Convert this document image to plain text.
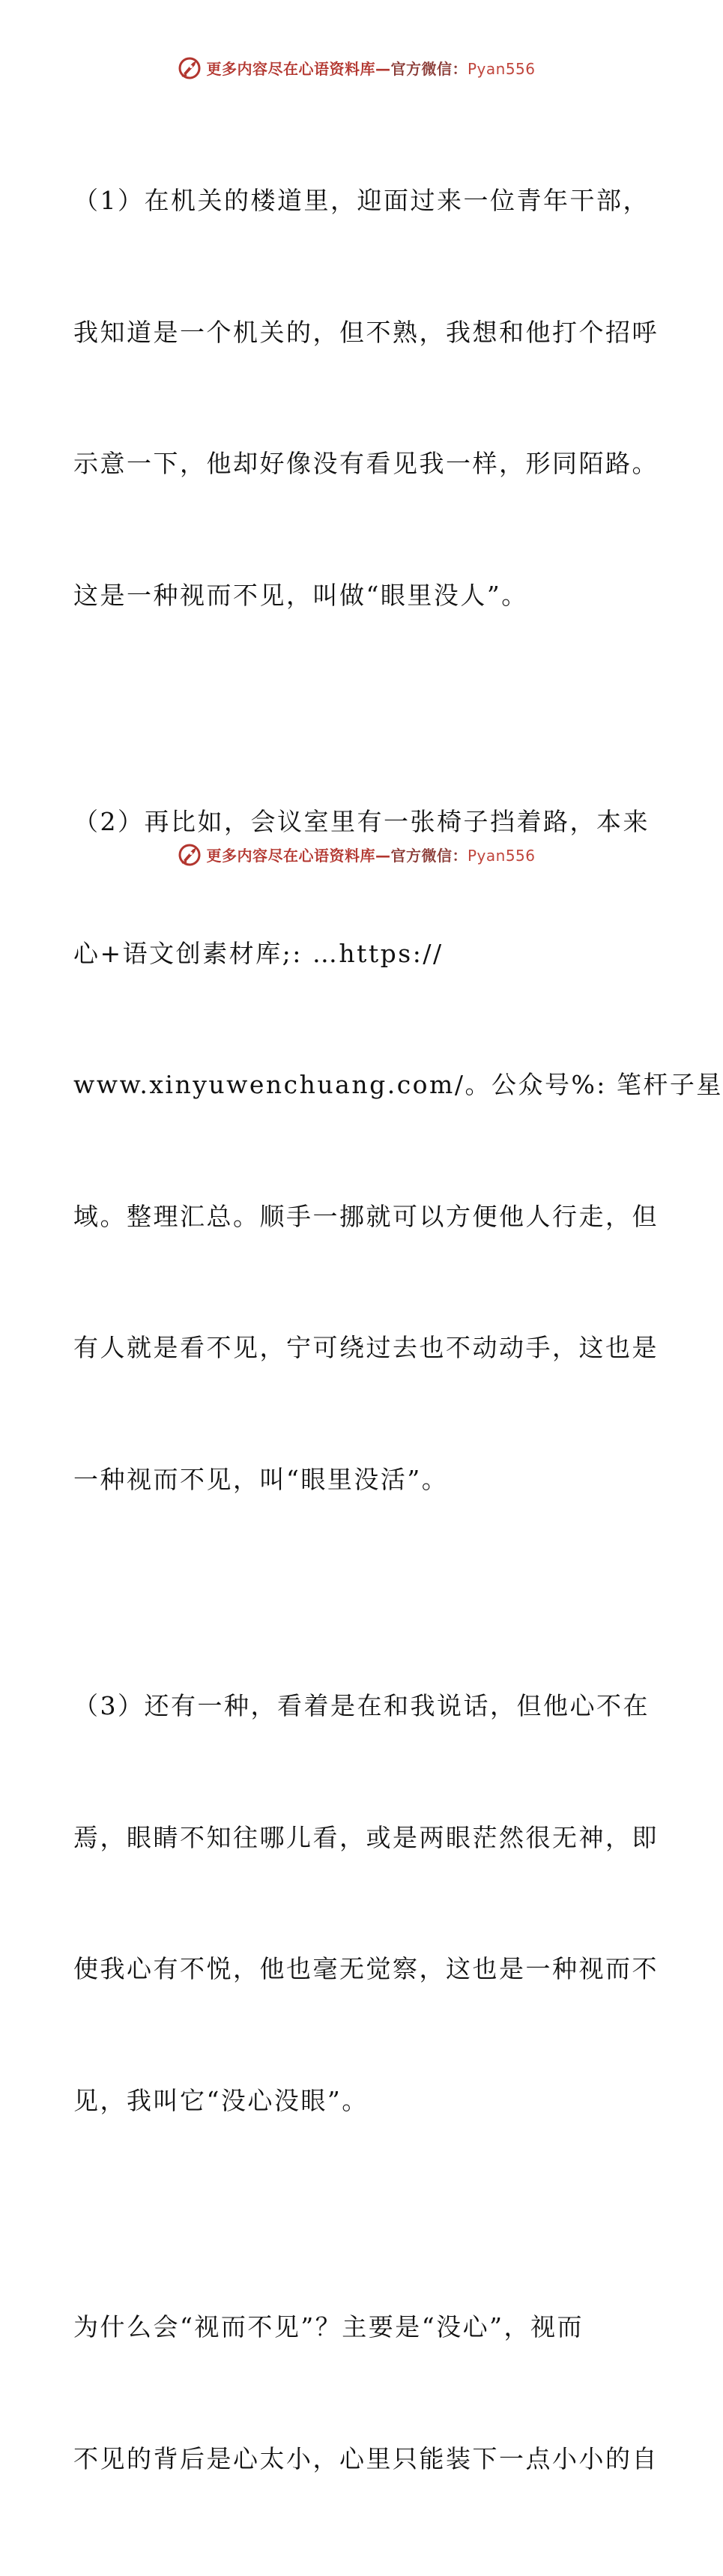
更多内容尽在心语资料库—官方微信：Pyan556

（1）在机关的楼道里，迎面过来一位青年干部，

我知道是一个机关的，但不熟，我想和他打个招呼

示意一下，他却好像没有看见我一样，形同陌路。

这是一种视而不见，叫做“眼里没人”。

（2）再比如，会议室里有一张椅子挡着路，本来

心+语文创素材库;: …https://

www.xinyuwenchuang.com/。公众号%: 笔杆子星

域。整理汇总。顺手一挪就可以方便他人行走，但

有人就是看不见，宁可绕过去也不动动手，这也是

一种视而不见，叫“眼里没活”。

（3）还有一种，看着是在和我说话，但他心不在

焉，眼睛不知往哪儿看，或是两眼茫然很无神，即

使我心有不悦，他也毫无觉察，这也是一种视而不

见，我叫它“没心没眼”。

为什么会“视而不见”？主要是“没心”，视而

不见的背后是心太小，心里只能装下一点小小的自

更多内容尽在心语资料库—官方微信：Pyan556
